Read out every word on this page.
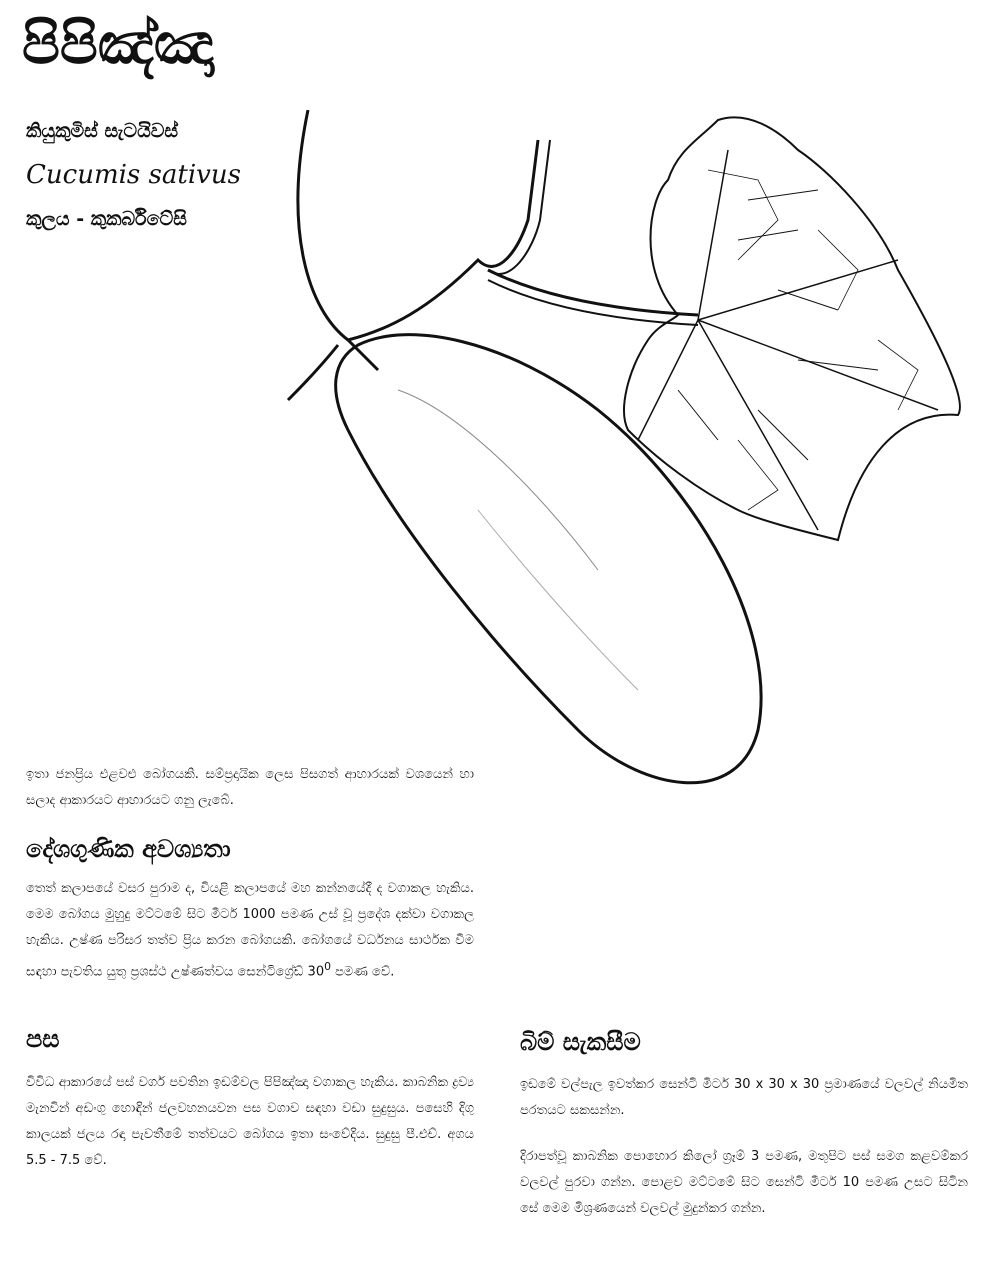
පිපිඤ්ඤා
කියුකුමිස් සැටයිවස්
Cucumis sativus
කුලය - කුකර්බිටේසි

ඉතා ජනප්‍රිය එළවළු බෝගයකි. සම්ප්‍රදායික ලෙස පිසගත් ආහාරයක් වශයෙන් හා සලාද ආකාරයට ආහාරයට ගනු ලැබේ.

දේශගුණික අවශ්‍යතා

තෙත් කලාපයේ වසර පුරාම ද, වියළි කලාපයේ මහ කන්නයේදී ද වගාකල හැකිය. මෙම බෝගය මුහුදු මට්ටමේ සිට මීටර් 1000 පමණ උස් වූ ප්‍රදේශ දක්වා වගාකල හැකිය. උෂ්ණ පරිසර තත්ව ප්‍රිය කරන බෝගයකි. බෝගයේ වර්ධනය සාර්ථක වීම සඳහා පැවතිය යුතු ප්‍රශස්ථ උෂ්ණත්වය සෙන්ටිග්‍රේඩ් $30^0$ පමණ වේ.

පස

විවිධ ආකාරයේ පස් වර්ග පවතින ඉඩම්වල පිපිඤ්ඤා වගාකල හැකිය. කාබනික ද්‍රව්‍ය මැනවින් අඩංගු හොඳින් ජලවහනයවන පස වගාව සඳහා වඩා සුදුසුය. පසෙහි දිගු කාලයක් ජලය රඳා පැවතීමේ තත්වයට බෝගය ඉතා සංවේදිය. සුදුසු පී.එච්. අගය 5.5 - 7.5 වේ.

බිම් සැකසීම

ඉඩමේ වල්පැල ඉවත්කර සෙන්ටි මීටර් 30 x 30 x 30 ප්‍රමාණයේ වලවල් නියමිත පරතයට සකසන්න.

දිරාපත්වූ කාබනික පොහොර කිලෝ ග්‍රෑම් 3 පමණ, මතුපිට පස් සමග කළවම්කර වලවල් පුරවා ගන්න. පොළව මට්ටමේ සිට සෙන්ටි මීටර් 10 පමණ උසට සිටින සේ මෙම මිශ්‍රණයෙන් වලවල් මුදුන්කර ගන්න.
